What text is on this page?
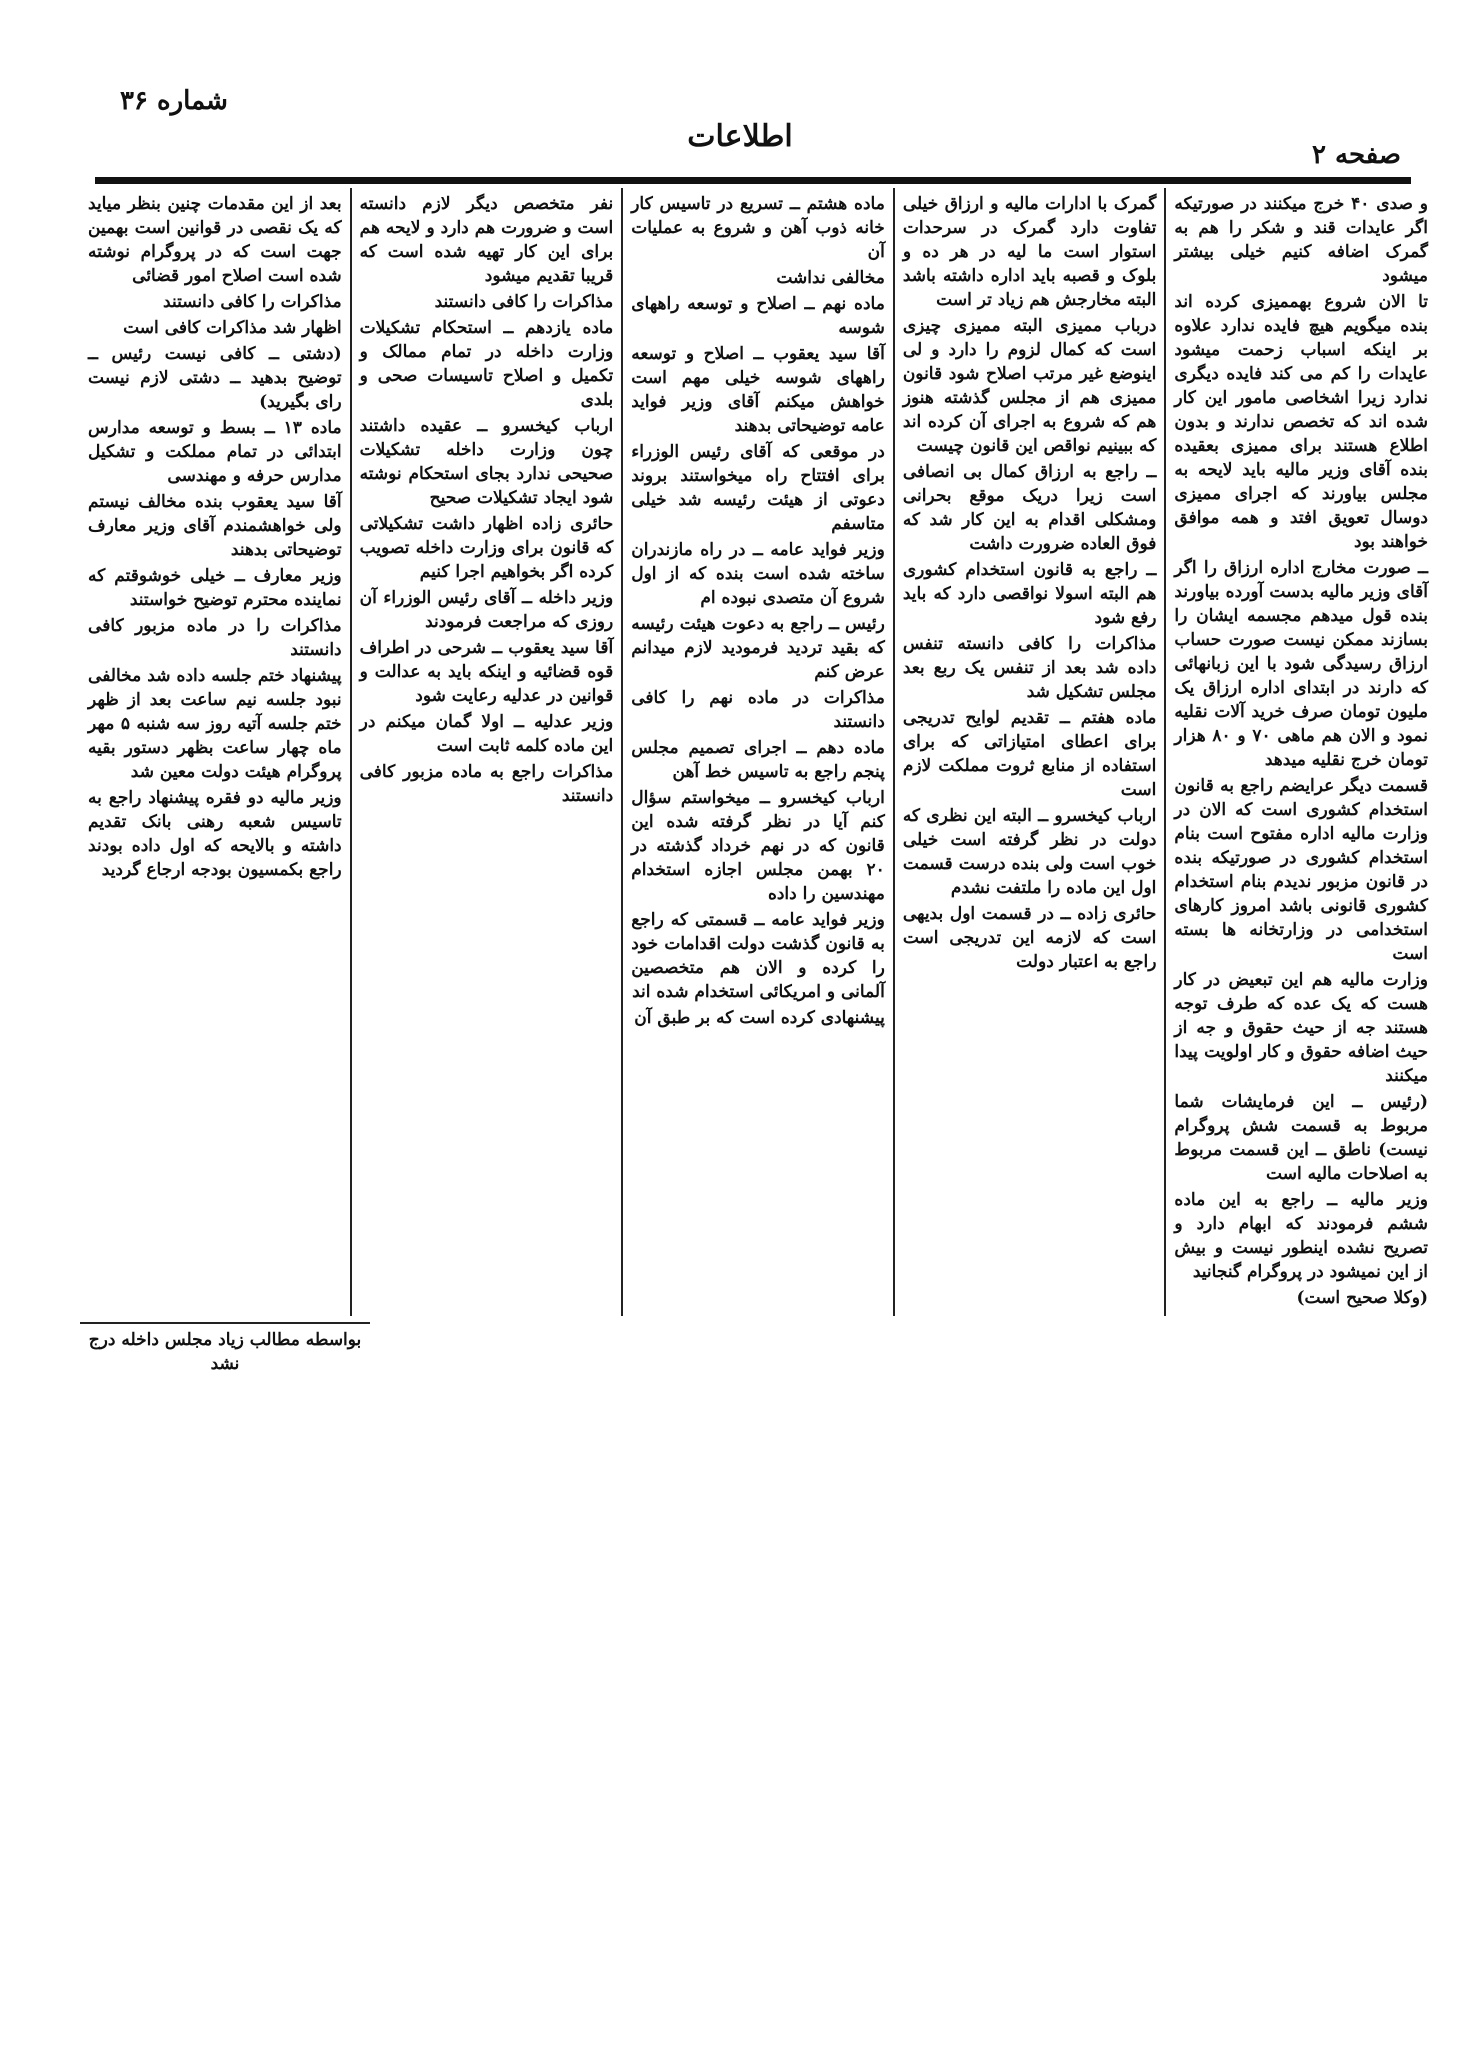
شماره ۳۶
اطلاعات
صفحه ۲

و صدی ۴۰ خرج میکنند در صورتیکه اگر عایدات قند و شکر را هم به گمرک اضافه کنیم خیلی بیشتر میشود

تا الان شروع بهممیزی کرده اند بنده میگویم هیچ فایده ندارد علاوه بر اینکه اسباب زحمت میشود عایدات را کم می کند فایده دیگری ندارد زیرا اشخاصی مامور این کار شده اند که تخصص ندارند و بدون اطلاع هستند برای ممیزی بعقیده بنده آقای وزیر مالیه باید لایحه به مجلس بیاورند که اجرای ممیزی دوسال تعویق افتد و همه موافق خواهند بود

ــ صورت مخارج اداره ارزاق را اگر آقای وزیر مالیه بدست آورده بیاورند بنده قول میدهم مجسمه ایشان را بسازند ممکن نیست صورت حساب ارزاق رسیدگی شود با این زبانهائی که دارند در ابتدای اداره ارزاق یک ملیون تومان صرف خرید آلات نقلیه نمود و الان هم ماهی ۷۰ و ۸۰ هزار تومان خرج نقلیه میدهد

قسمت دیگر عرایضم راجع به قانون استخدام کشوری است که الان در وزارت مالیه اداره مفتوح است بنام استخدام کشوری در صورتیکه بنده در قانون مزبور ندیدم بنام استخدام کشوری قانونی باشد امروز کارهای استخدامی در وزارتخانه ها بسته است

وزارت مالیه هم این تبعیض در کار هست که یک عده که طرف توجه هستند جه از حیث حقوق و جه از حیث اضافه حقوق و کار اولویت پیدا میکنند

(رئیس ــ این فرمایشات شما مربوط به قسمت شش پروگرام نیست) ناطق ــ این قسمت مربوط به اصلاحات مالیه است

وزیر مالیه ــ راجع به این ماده ششم فرمودند که ابهام دارد و تصریح نشده اینطور نیست و بیش از این نمیشود در پروگرام گنجانید

(وکلا صحیح است)

گمرک با ادارات مالیه و ارزاق خیلی تفاوت دارد گمرک در سرحدات استوار است ما لیه در هر ده و بلوک و قصبه باید اداره داشته باشد البته مخارجش هم زیاد تر است

درباب ممیزی البته ممیزی چیزی است که کمال لزوم را دارد و لی اینوضع غیر مرتب اصلاح شود قانون ممیزی هم از مجلس گذشته هنوز هم که شروع به اجرای آن کرده اند که ببینیم نواقص این قانون چیست

ــ راجع به ارزاق کمال بی انصافی است زیرا دریک موقع بحرانی ومشکلی اقدام به این کار شد که فوق العاده ضرورت داشت

ــ راجع به قانون استخدام کشوری هم البته اسولا نواقصی دارد که باید رفع شود

مذاکرات را کافی دانسته تنفس داده شد بعد از تنفس یک ربع بعد مجلس تشکیل شد

ماده هفتم ــ تقدیم لوایح تدریجی برای اعطای امتیازاتی که برای استفاده از منابع ثروت مملکت لازم است

ارباب کیخسرو ــ البته این نظری که دولت در نظر گرفته است خیلی خوب است ولی بنده درست قسمت اول این ماده را ملتفت نشدم

حائری زاده ــ در قسمت اول بدیهی است که لازمه این تدریجی است راجع به اعتبار دولت

ماده هشتم ــ تسریع در تاسیس کار خانه ذوب آهن و شروع به عملیات آن

مخالفی نداشت

ماده نهم ــ اصلاح و توسعه راههای شوسه

آقا سید یعقوب ــ اصلاح و توسعه راههای شوسه خیلی مهم است خواهش میکنم آقای وزیر فواید عامه توضیحاتی بدهند

در موقعی که آقای رئیس الوزراء برای افتتاح راه میخواستند بروند دعوتی از هیئت رئیسه شد خیلی متاسفم

وزیر فواید عامه ــ در راه مازندران ساخته شده است بنده که از اول شروع آن متصدی نبوده ام

رئیس ــ راجع به دعوت هیئت رئیسه که بقید تردید فرمودید لازم میدانم عرض کنم

مذاکرات در ماده نهم را کافی دانستند

ماده دهم ــ اجرای تصمیم مجلس پنجم راجع به تاسیس خط آهن

ارباب کیخسرو ــ میخواستم سؤال کنم آیا در نظر گرفته شده این قانون که در نهم خرداد گذشته در ۲۰ بهمن مجلس اجازه استخدام مهندسین را داده

وزیر فواید عامه ــ قسمتی که راجع به قانون گذشت دولت اقدامات خود را کرده و الان هم متخصصین آلمانی و امریکائی استخدام شده اند

پیشنهادی کرده است که بر طبق آن

نفر متخصص دیگر لازم دانسته است و ضرورت هم دارد و لایحه هم برای این کار تهیه شده است که قریبا تقدیم میشود

مذاکرات را کافی دانستند

ماده یازدهم ــ استحکام تشکیلات وزارت داخله در تمام ممالک و تکمیل و اصلاح تاسیسات صحی و بلدی

ارباب کیخسرو ــ عقیده داشتند چون وزارت داخله تشکیلات صحیحی ندارد بجای استحکام نوشته شود ایجاد تشکیلات صحیح

حائری زاده اظهار داشت تشکیلاتی که قانون برای وزارت داخله تصویب کرده اگر بخواهیم اجرا کنیم

وزیر داخله ــ آقای رئیس الوزراء آن روزی که مراجعت فرمودند

آقا سید یعقوب ــ شرحی در اطراف قوه قضائیه و اینکه باید به عدالت و قوانین در عدلیه رعایت شود

وزیر عدلیه ــ اولا گمان میکنم در این ماده کلمه ثابت است

مذاکرات راجع به ماده مزبور کافی دانستند

بعد از این مقدمات چنین بنظر میاید که یک نقصی در قوانین است بهمین جهت است که در پروگرام نوشته شده است اصلاح امور قضائی

مذاکرات را کافی دانستند

اظهار شد مذاکرات کافی است

(دشتی ــ کافی نیست رئیس ــ توضیح بدهید ــ دشتی لازم نیست رای بگیرید)

ماده ۱۳ ــ بسط و توسعه مدارس ابتدائی در تمام مملکت و تشکیل مدارس حرفه و مهندسی

آقا سید یعقوب بنده مخالف نیستم ولی خواهشمندم آقای وزیر معارف توضیحاتی بدهند

وزیر معارف ــ خیلی خوشوقتم که نماینده محترم توضیح خواستند

مذاکرات را در ماده مزبور کافی دانستند

پیشنهاد ختم جلسه داده شد مخالفی نبود جلسه نیم ساعت بعد از ظهر ختم جلسه آتیه روز سه شنبه ۵ مهر ماه چهار ساعت بظهر دستور بقیه پروگرام هیئت دولت معین شد

وزیر مالیه دو فقره پیشنهاد راجع به تاسیس شعبه رهنی بانک تقدیم داشته و بالایحه که اول داده بودند راجع بکمسیون بودجه ارجاع گردید

بواسطه مطالب زیاد مجلس داخله درج نشد
